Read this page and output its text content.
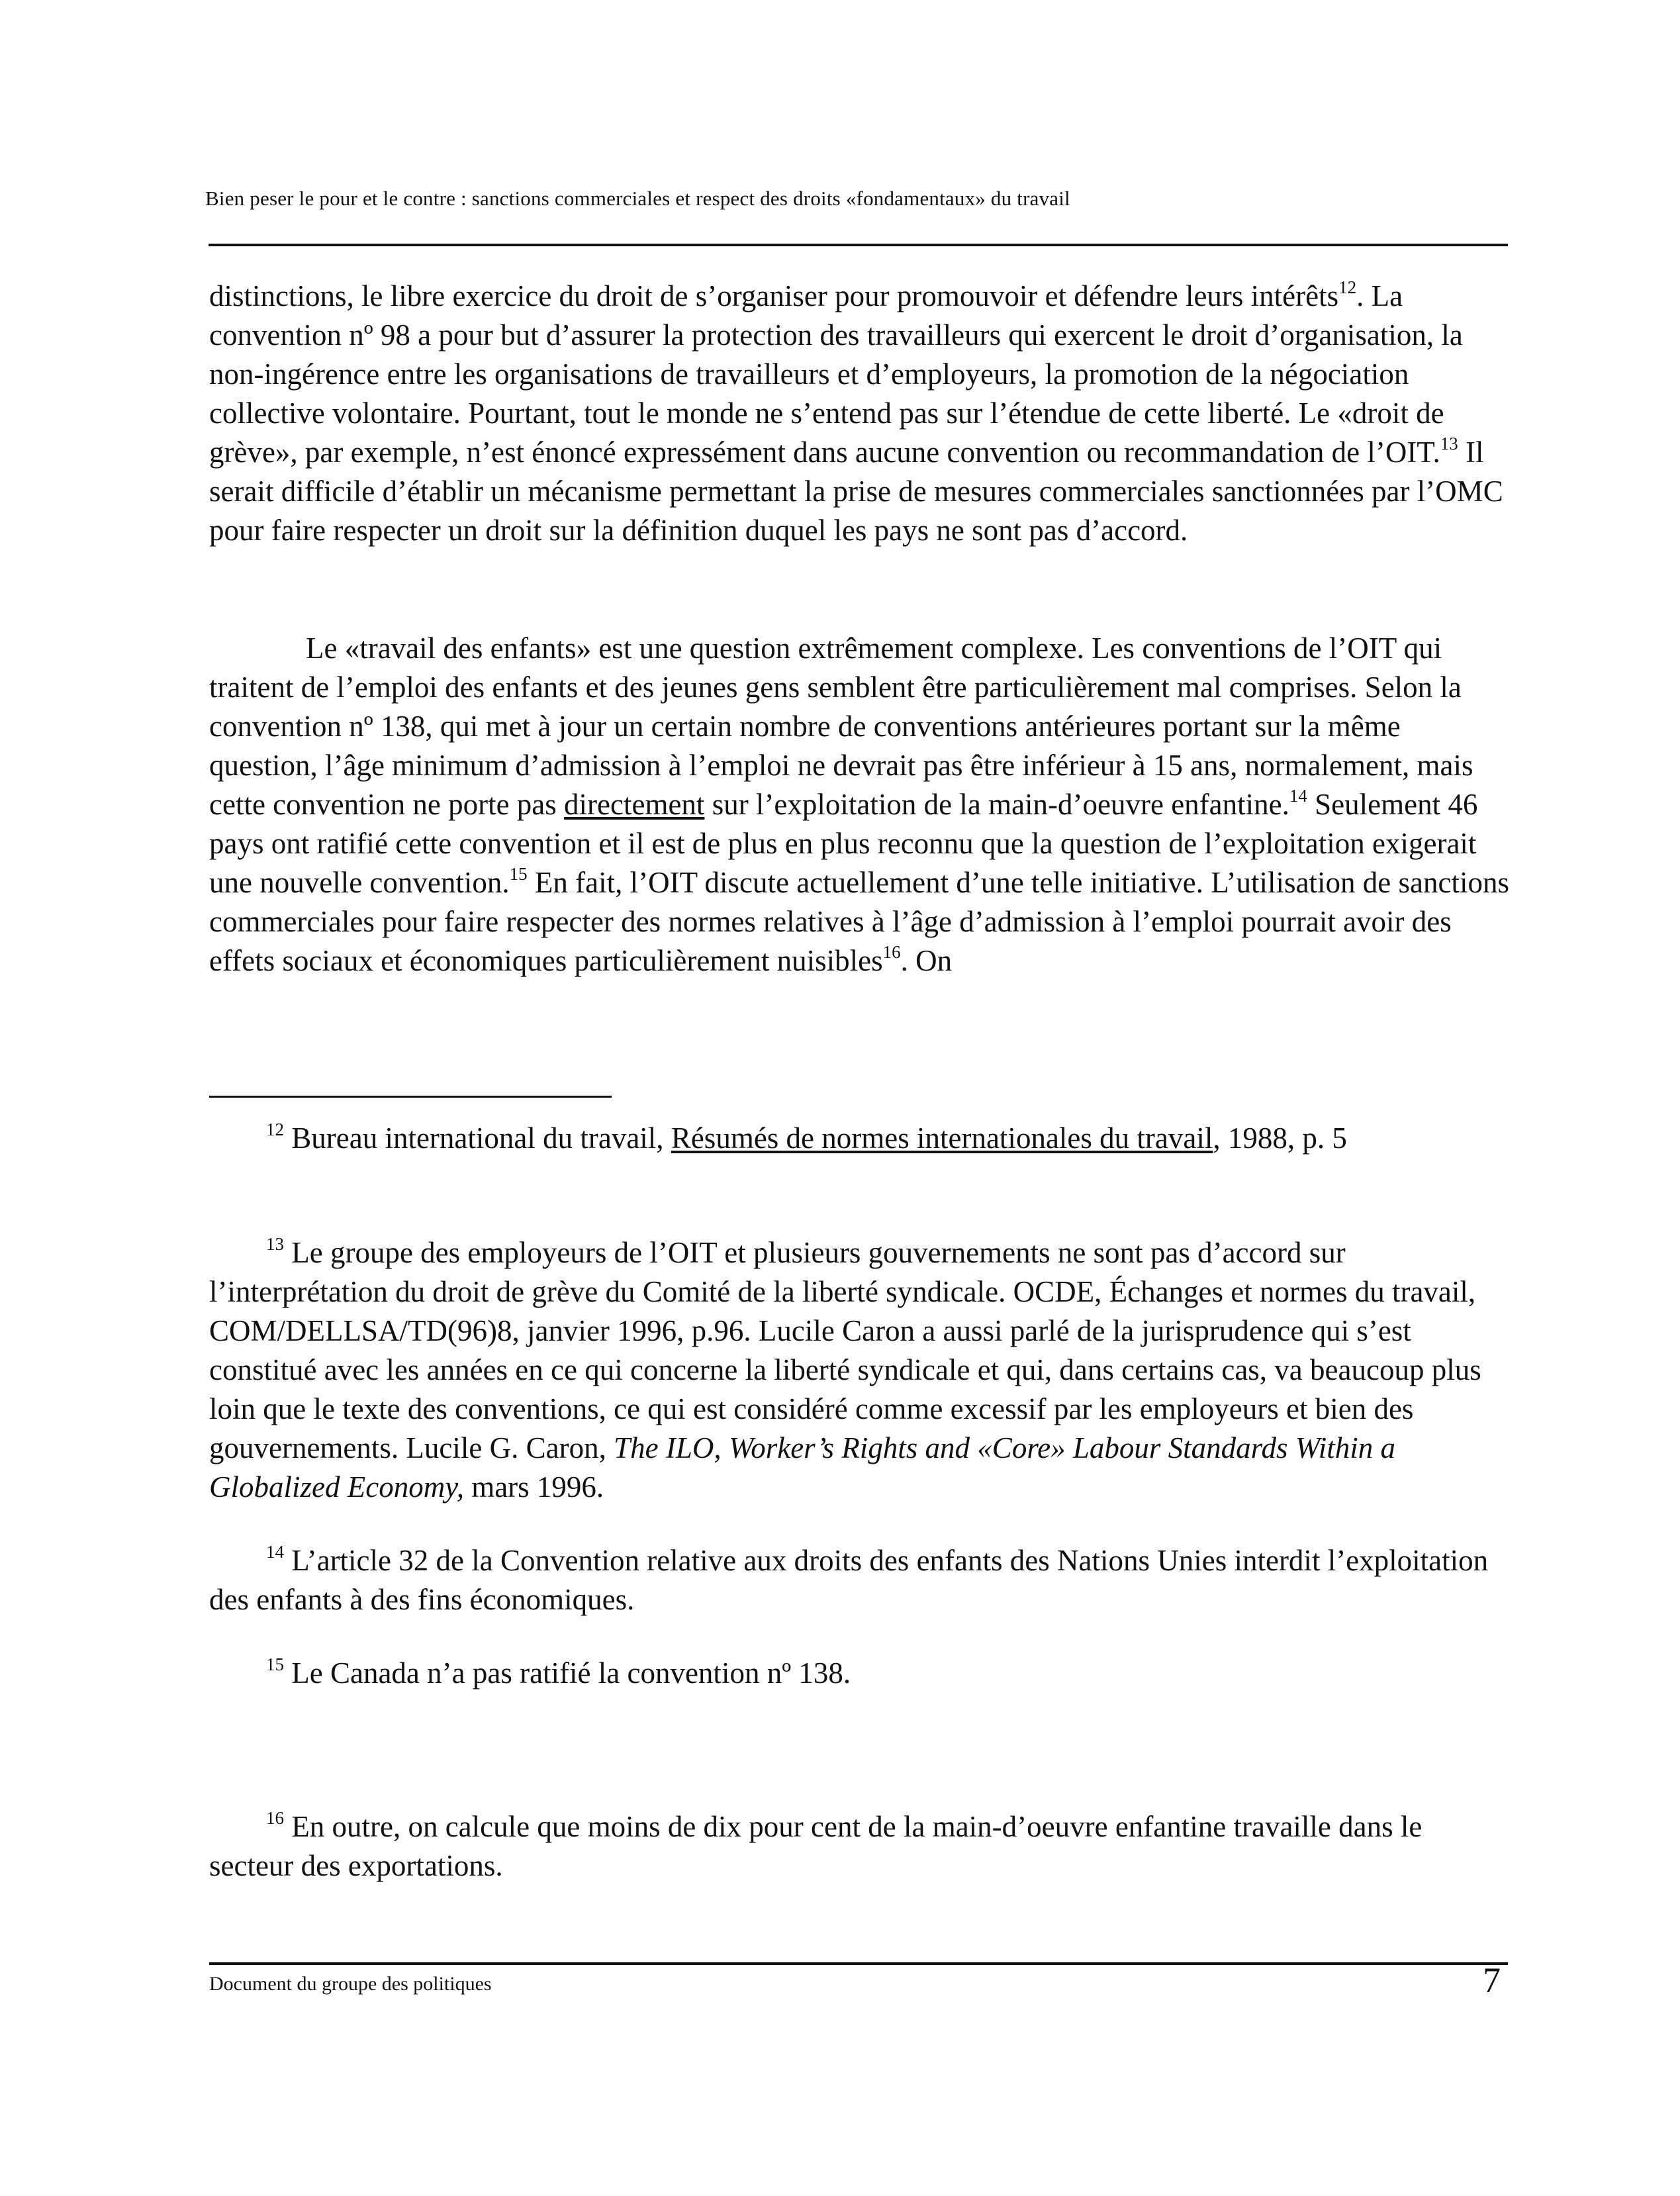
Bien peser le pour et le contre : sanctions commerciales et respect des droits «fondamentaux» du travail

distinctions, le libre exercice du droit de s’organiser pour promouvoir et défendre leurs intérêts$^{12}$. La convention nº 98 a pour but d’assurer la protection des travailleurs qui exercent le droit d’organisation, la non-ingérence entre les organisations de travailleurs et d’employeurs, la promotion de la négociation collective volontaire. Pourtant, tout le monde ne s’entend pas sur l’étendue de cette liberté. Le «droit de grève», par exemple, n’est énoncé expressément dans aucune convention ou recommandation de l’OIT.$^{13}$ Il serait difficile d’établir un mécanisme permettant la prise de mesures commerciales sanctionnées par l’OMC pour faire respecter un droit sur la définition duquel les pays ne sont pas d’accord.

Le «travail des enfants» est une question extrêmement complexe. Les conventions de l’OIT qui traitent de l’emploi des enfants et des jeunes gens semblent être particulièrement mal comprises. Selon la convention nº 138, qui met à jour un certain nombre de conventions antérieures portant sur la même question, l’âge minimum d’admission à l’emploi ne devrait pas être inférieur à 15 ans, normalement, mais cette convention ne porte pas directement sur l’exploitation de la main-d’oeuvre enfantine.$^{14}$ Seulement 46 pays ont ratifié cette convention et il est de plus en plus reconnu que la question de l’exploitation exigerait une nouvelle convention.$^{15}$ En fait, l’OIT discute actuellement d’une telle initiative. L’utilisation de sanctions commerciales pour faire respecter des normes relatives à l’âge d’admission à l’emploi pourrait avoir des effets sociaux et économiques particulièrement nuisibles$^{16}$. On

$^{12}$ Bureau international du travail, Résumés de normes internationales du travail, 1988, p. 5

$^{13}$ Le groupe des employeurs de l’OIT et plusieurs gouvernements ne sont pas d’accord sur l’interprétation du droit de grève du Comité de la liberté syndicale. OCDE, Échanges et normes du travail, COM/DELLSA/TD(96)8, janvier 1996, p.96. Lucile Caron a aussi parlé de la jurisprudence qui s’est constitué avec les années en ce qui concerne la liberté syndicale et qui, dans certains cas, va beaucoup plus loin que le texte des conventions, ce qui est considéré comme excessif par les employeurs et bien des gouvernements. Lucile G. Caron, The ILO, Worker’s Rights and «Core» Labour Standards Within a Globalized Economy, mars 1996.

$^{14}$ L’article 32 de la Convention relative aux droits des enfants des Nations Unies interdit l’exploitation des enfants à des fins économiques.

$^{15}$ Le Canada n’a pas ratifié la convention nº 138.

$^{16}$ En outre, on calcule que moins de dix pour cent de la main-d’oeuvre enfantine travaille dans le secteur des exportations.

Document du groupe des politiques	7
